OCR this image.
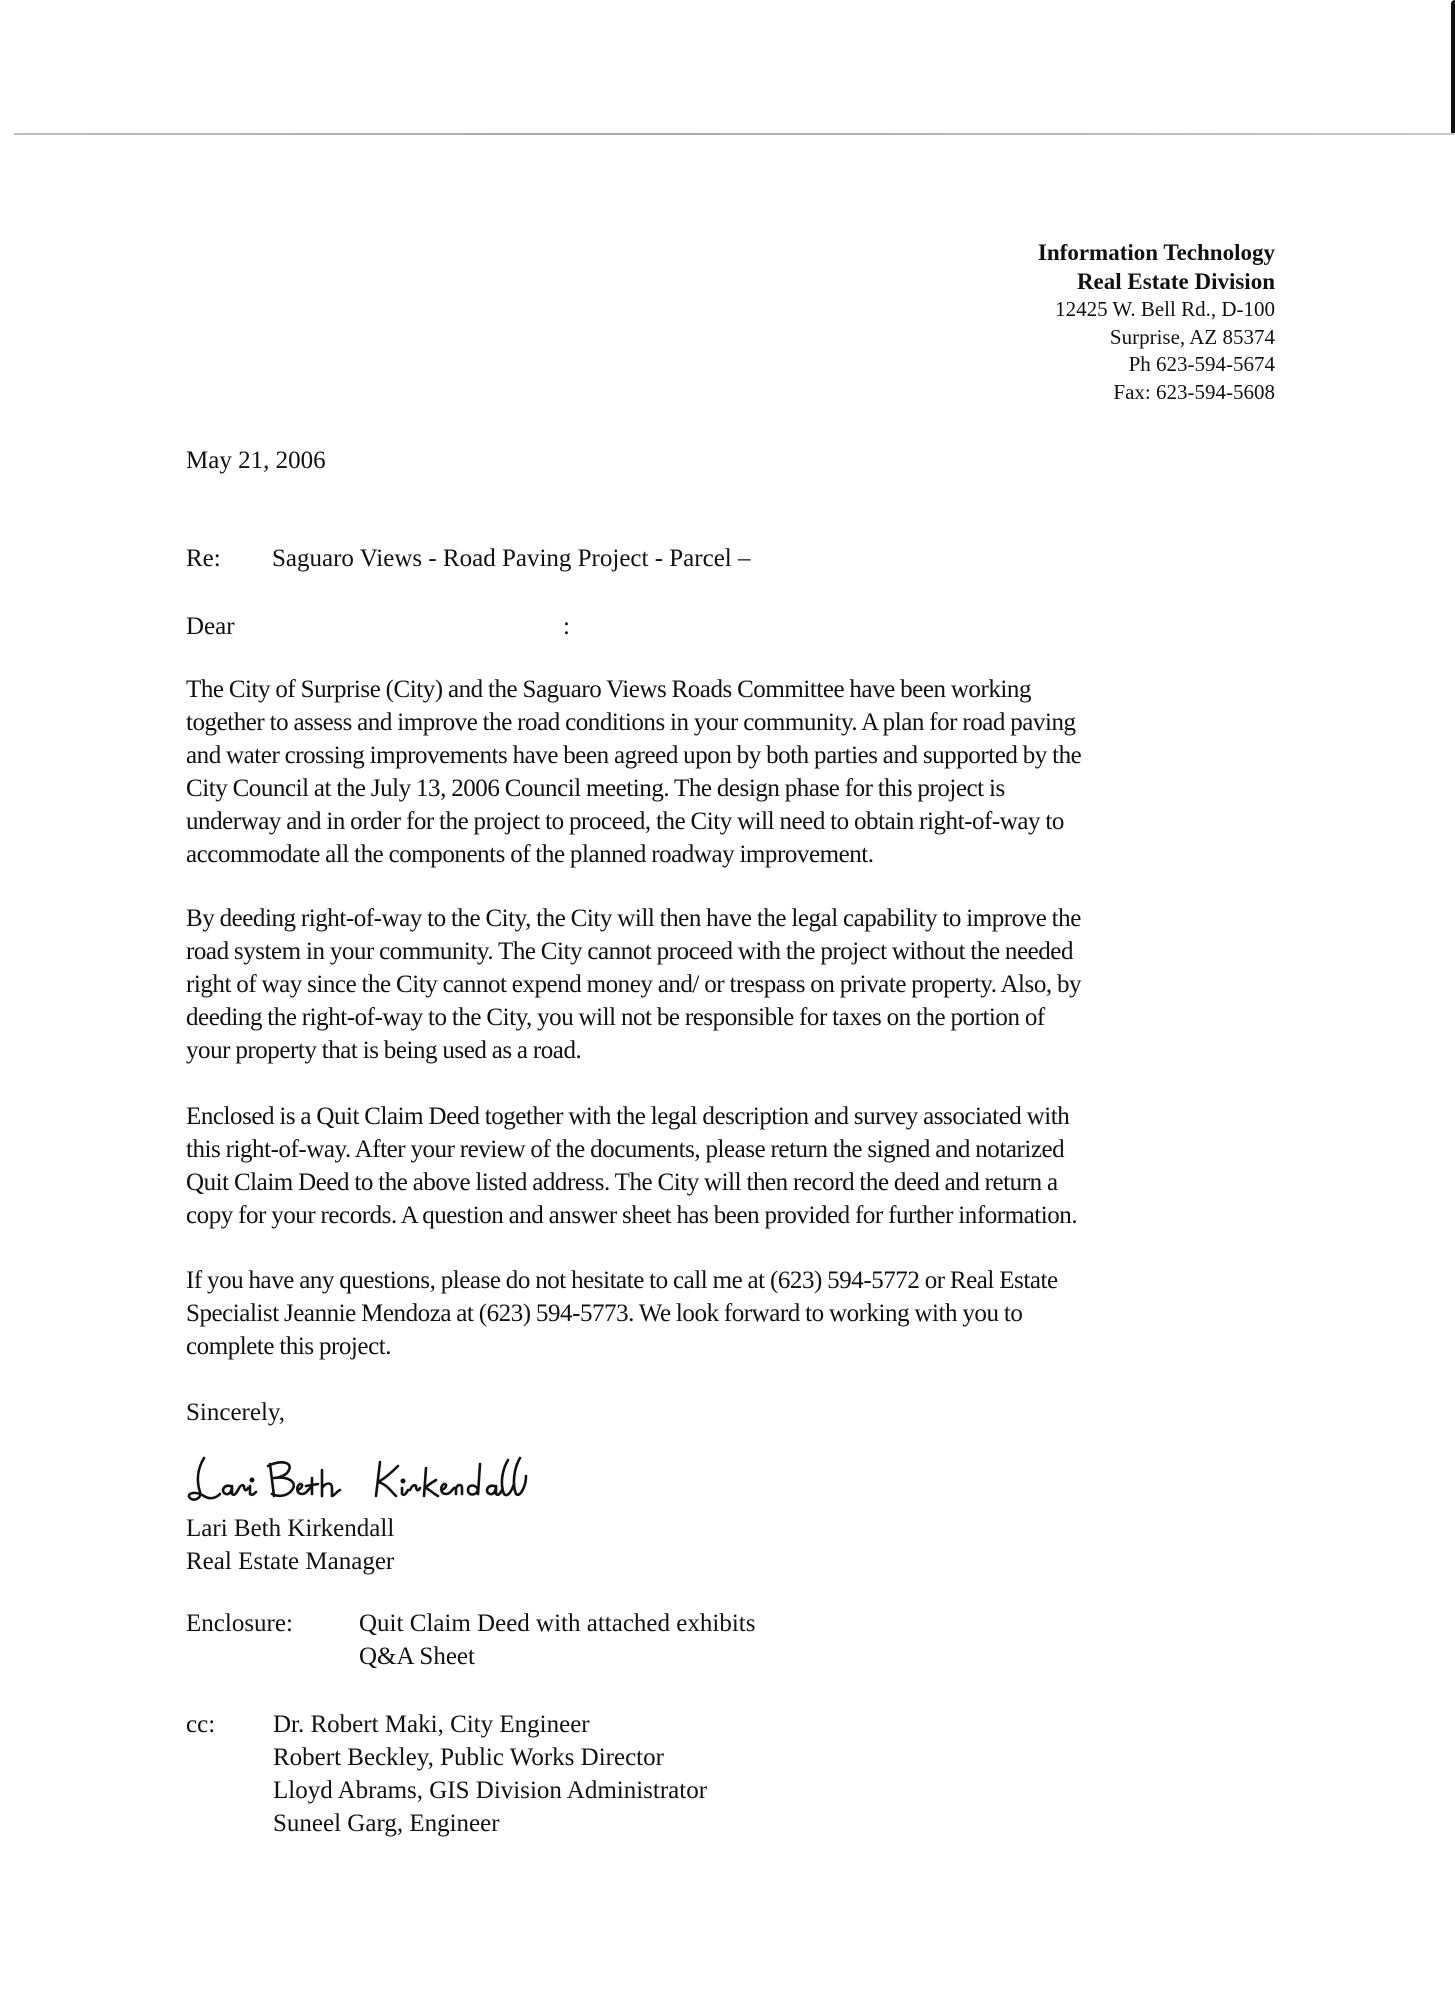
Information Technology
Real Estate Division
12425 W. Bell Rd., D-100
Surprise, AZ 85374
Ph 623-594-5674
Fax: 623-594-5608
May 21, 2006
Re: Saguaro Views - Road Paving Project - Parcel –
Dear	:
The City of Surprise (City) and the Saguaro Views Roads Committee have been working
together to assess and improve the road conditions in your community. A plan for road paving
and water crossing improvements have been agreed upon by both parties and supported by the
City Council at the July 13, 2006 Council meeting. The design phase for this project is
underway and in order for the project to proceed, the City will need to obtain right-of-way to
accommodate all the components of the planned roadway improvement.
By deeding right-of-way to the City, the City will then have the legal capability to improve the
road system in your community. The City cannot proceed with the project without the needed
right of way since the City cannot expend money and/ or trespass on private property. Also, by
deeding the right-of-way to the City, you will not be responsible for taxes on the portion of
your property that is being used as a road.
Enclosed is a Quit Claim Deed together with the legal description and survey associated with
this right-of-way. After your review of the documents, please return the signed and notarized
Quit Claim Deed to the above listed address. The City will then record the deed and return a
copy for your records. A question and answer sheet has been provided for further information.
If you have any questions, please do not hesitate to call me at (623) 594-5772 or Real Estate
Specialist Jeannie Mendoza at (623) 594-5773. We look forward to working with you to
complete this project.
Sincerely,
Lari Beth Kirkendall
Real Estate Manager
Enclosure:	Quit Claim Deed with attached exhibits
Q&A Sheet
cc: Dr. Robert Maki, City Engineer
Robert Beckley, Public Works Director
Lloyd Abrams, GIS Division Administrator
Suneel Garg, Engineer
